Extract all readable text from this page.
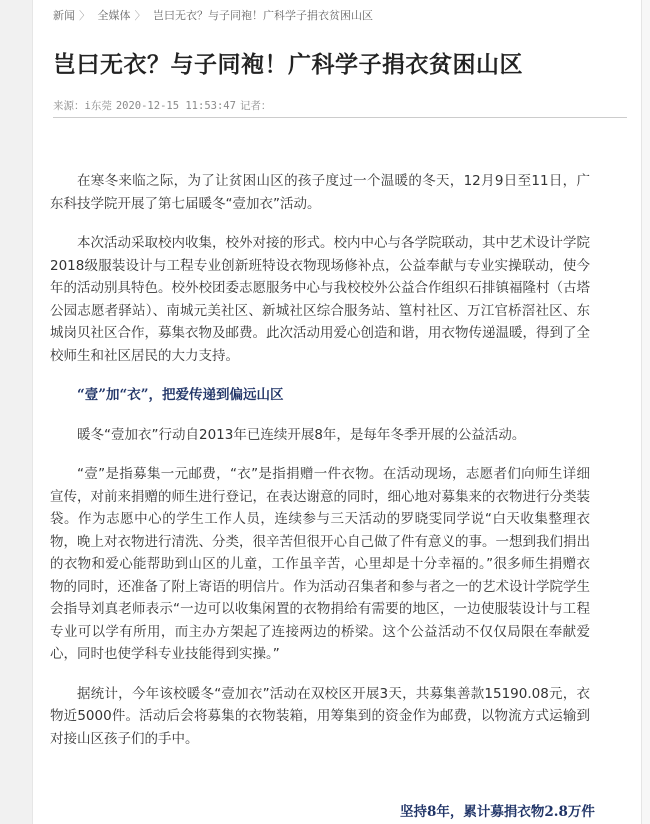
新闻 〉 全媒体 〉 岂曰无衣？与子同袍！广科学子捐衣贫困山区
岂曰无衣？与子同袍！广科学子捐衣贫困山区
来源：i东莞 2020-12-15 11:53:47 记者：

在寒冬来临之际，为了让贫困山区的孩子度过一个温暖的冬天，12月9日至11日，广东科技学院开展了第七届暖冬“壹加衣”活动。

本次活动采取校内收集，校外对接的形式。校内中心与各学院联动，其中艺术设计学院2018级服装设计与工程专业创新班特设衣物现场修补点，公益奉献与专业实操联动，使今年的活动别具特色。校外校团委志愿服务中心与我校校外公益合作组织石排镇福隆村（古塔公园志愿者驿站）、南城元美社区、新城社区综合服务站、篁村社区、万江官桥滘社区、东城岗贝社区合作，募集衣物及邮费。此次活动用爱心创造和谐，用衣物传递温暖，得到了全校师生和社区居民的大力支持。

“壹”加“衣”，把爱传递到偏远山区

暖冬“壹加衣”行动自2013年已连续开展8年，是每年冬季开展的公益活动。

“壹”是指募集一元邮费，“衣”是指捐赠一件衣物。在活动现场，志愿者们向师生详细宣传，对前来捐赠的师生进行登记，在表达谢意的同时，细心地对募集来的衣物进行分类装袋。作为志愿中心的学生工作人员，连续参与三天活动的罗晓雯同学说“白天收集整理衣物，晚上对衣物进行清洗、分类，很辛苦但很开心自己做了件有意义的事。一想到我们捐出的衣物和爱心能帮助到山区的儿童，工作虽辛苦，心里却是十分幸福的。”很多师生捐赠衣物的同时，还准备了附上寄语的明信片。作为活动召集者和参与者之一的艺术设计学院学生会指导刘真老师表示“一边可以收集闲置的衣物捐给有需要的地区，一边使服装设计与工程专业可以学有所用，而主办方架起了连接两边的桥梁。这个公益活动不仅仅局限在奉献爱心，同时也使学科专业技能得到实操。”

据统计，今年该校暖冬“壹加衣”活动在双校区开展3天，共募集善款15190.08元，衣物近5000件。活动后会将募集的衣物装箱，用筹集到的资金作为邮费，以物流方式运输到对接山区孩子们的手中。

坚持8年，累计募捐衣物2.8万件
